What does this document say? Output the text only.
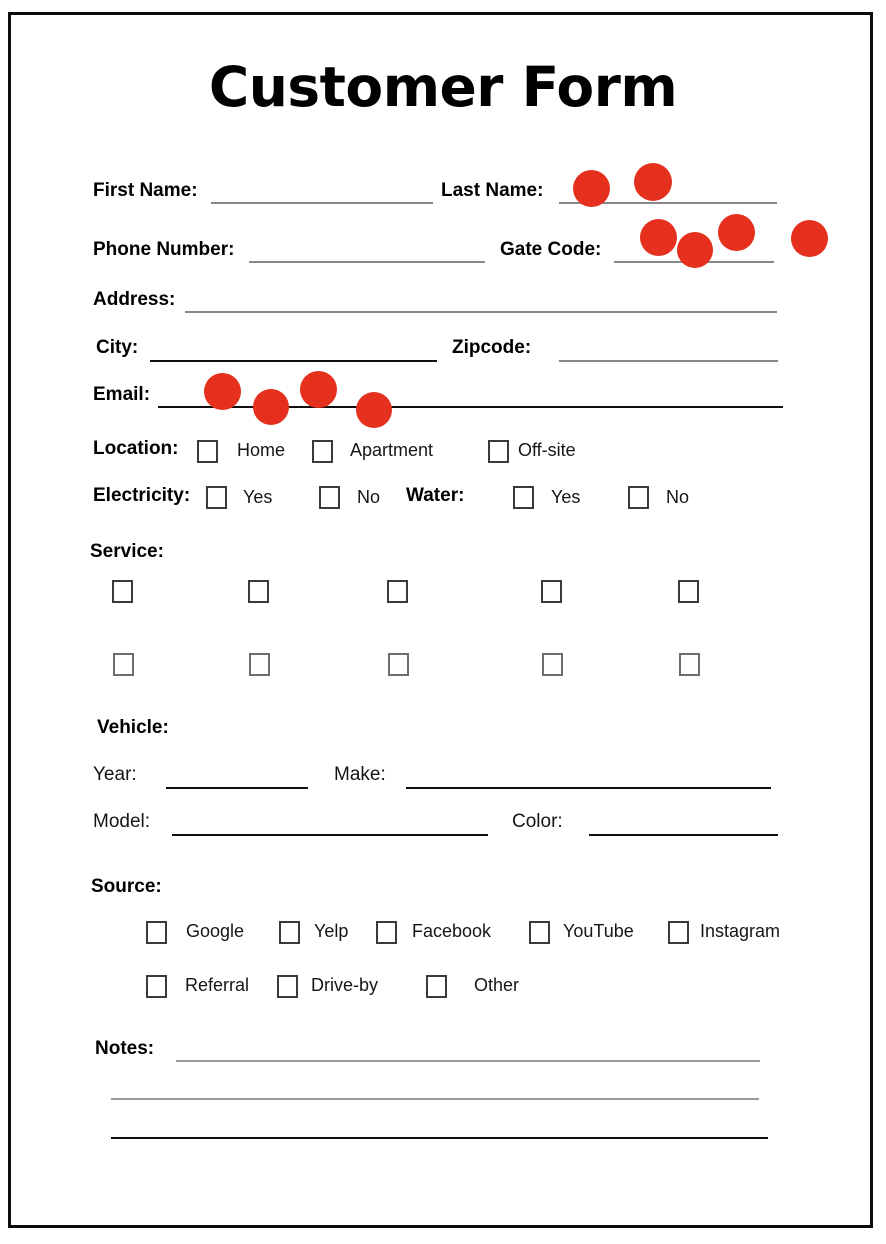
Customer Form
First Name:	Last Name:
Phone Number:	Gate Code:
Address:
City:	Zipcode:
Email:
Location:	Home	Apartment	Off-site
Electricity:	Yes	No Water:	Yes	No
Service:
Vehicle:
Year:	Make:
Model:	Color:
Source:
Google	Yelp	Facebook	YouTube	Instagram
Referral	Drive-by	Other
Notes:
